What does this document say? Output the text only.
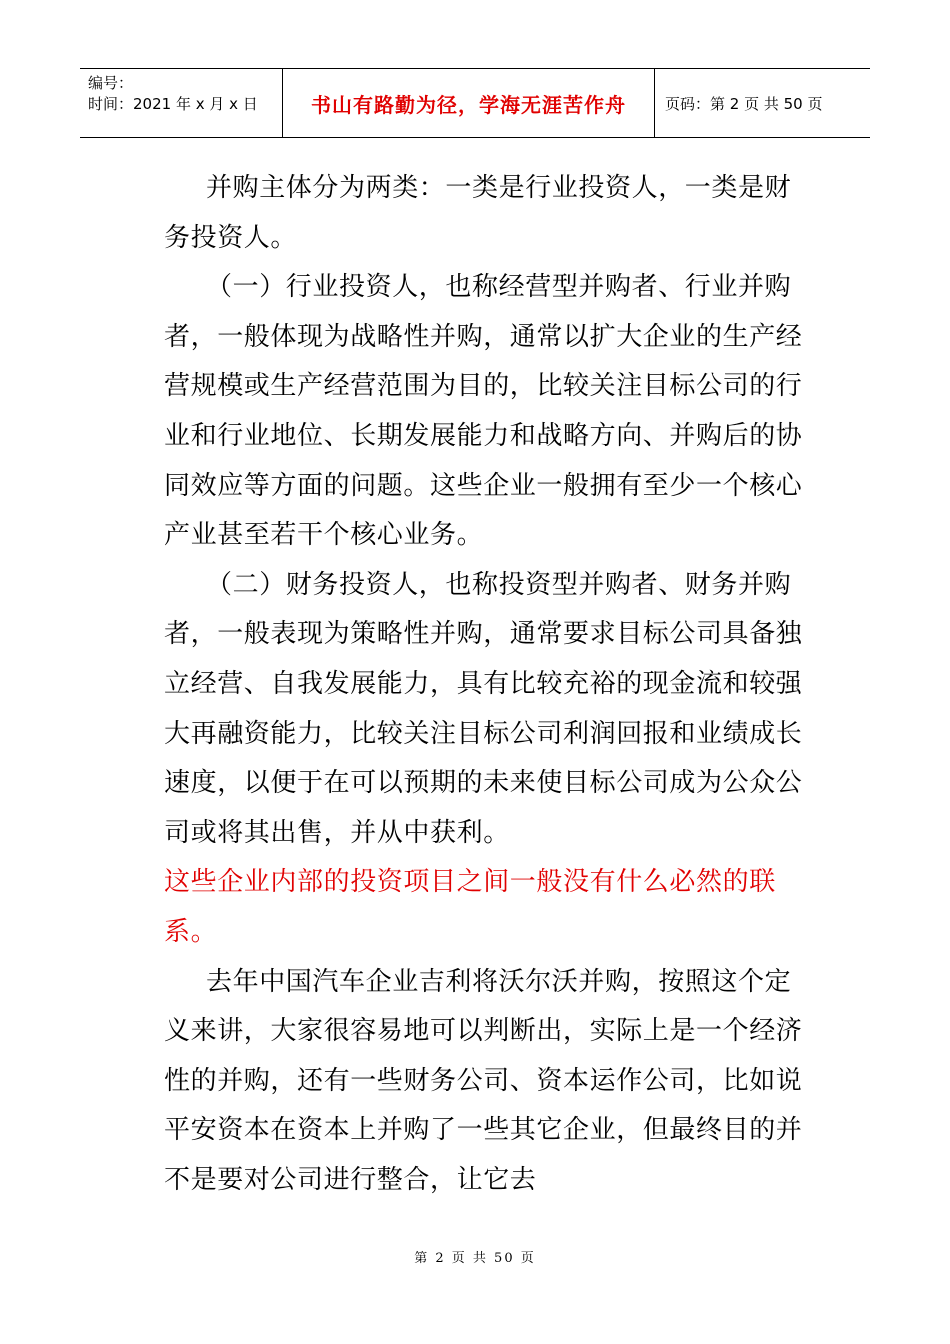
编号：
时间：2021 年 x 月 x 日	书山有路勤为径，学海无涯苦作舟	页码：第 2 页 共 50 页

并购主体分为两类：一类是行业投资人，一类是财务投资人。

（一）行业投资人，也称经营型并购者、行业并购者，一般体现为战略性并购，通常以扩大企业的生产经营规模或生产经营范围为目的，比较关注目标公司的行业和行业地位、长期发展能力和战略方向、并购后的协同效应等方面的问题。这些企业一般拥有至少一个核心产业甚至若干个核心业务。

（二）财务投资人，也称投资型并购者、财务并购者，一般表现为策略性并购，通常要求目标公司具备独立经营、自我发展能力，具有比较充裕的现金流和较强大再融资能力，比较关注目标公司利润回报和业绩成长速度，以便于在可以预期的未来使目标公司成为公众公司或将其出售，并从中获利。

这些企业内部的投资项目之间一般没有什么必然的联系。

去年中国汽车企业吉利将沃尔沃并购，按照这个定义来讲，大家很容易地可以判断出，实际上是一个经济性的并购，还有一些财务公司、资本运作公司，比如说平安资本在资本上并购了一些其它企业，但最终目的并不是要对公司进行整合，让它去

第 2 页 共 50 页
